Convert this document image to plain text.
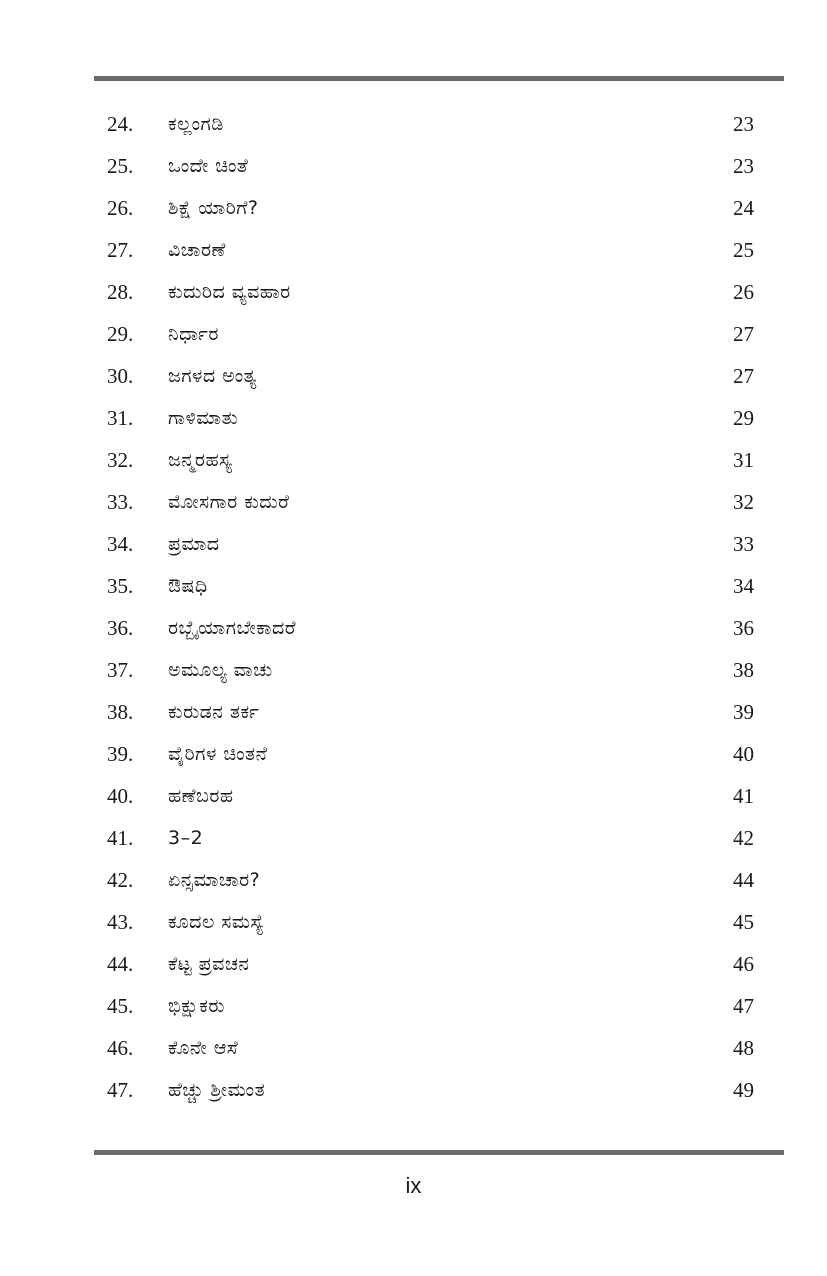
24. ಕಲ್ಲಂಗಡಿ	23
25. ಒಂದೇ ಚಿಂತೆ	23
26. ಶಿಕ್ಷೆ ಯಾರಿಗೆ?	24
27. ವಿಚಾರಣೆ	25
28. ಕುದುರಿದ ವ್ಯವಹಾರ	26
29. ನಿರ್ಧಾರ	27
30. ಜಗಳದ ಅಂತ್ಯ	27
31. ಗಾಳಿಮಾತು	29
32. ಜನ್ಮರಹಸ್ಯ	31
33. ಮೋಸಗಾರ ಕುದುರೆ	32
34. ಪ್ರಮಾದ	33
35. ಔಷಧಿ	34
36. ರಬ್ಬೈಯಾಗಬೇಕಾದರೆ	36
37. ಅಮೂಲ್ಯ ವಾಚು	38
38. ಕುರುಡನ ತರ್ಕ	39
39. ವೈರಿಗಳ ಚಿಂತನೆ	40
40. ಹಣೆಬರಹ	41
41. 3–2	42
42. ಏನ್ಸಮಾಚಾರ?	44
43. ಕೂದಲ ಸಮಸ್ಯೆ	45
44. ಕೆಟ್ಟ ಪ್ರವಚನ	46
45. ಭಿಕ್ಷುಕರು	47
46. ಕೊನೇ ಆಸೆ	48
47. ಹೆಚ್ಚು ಶ್ರೀಮಂತ	49
ix
